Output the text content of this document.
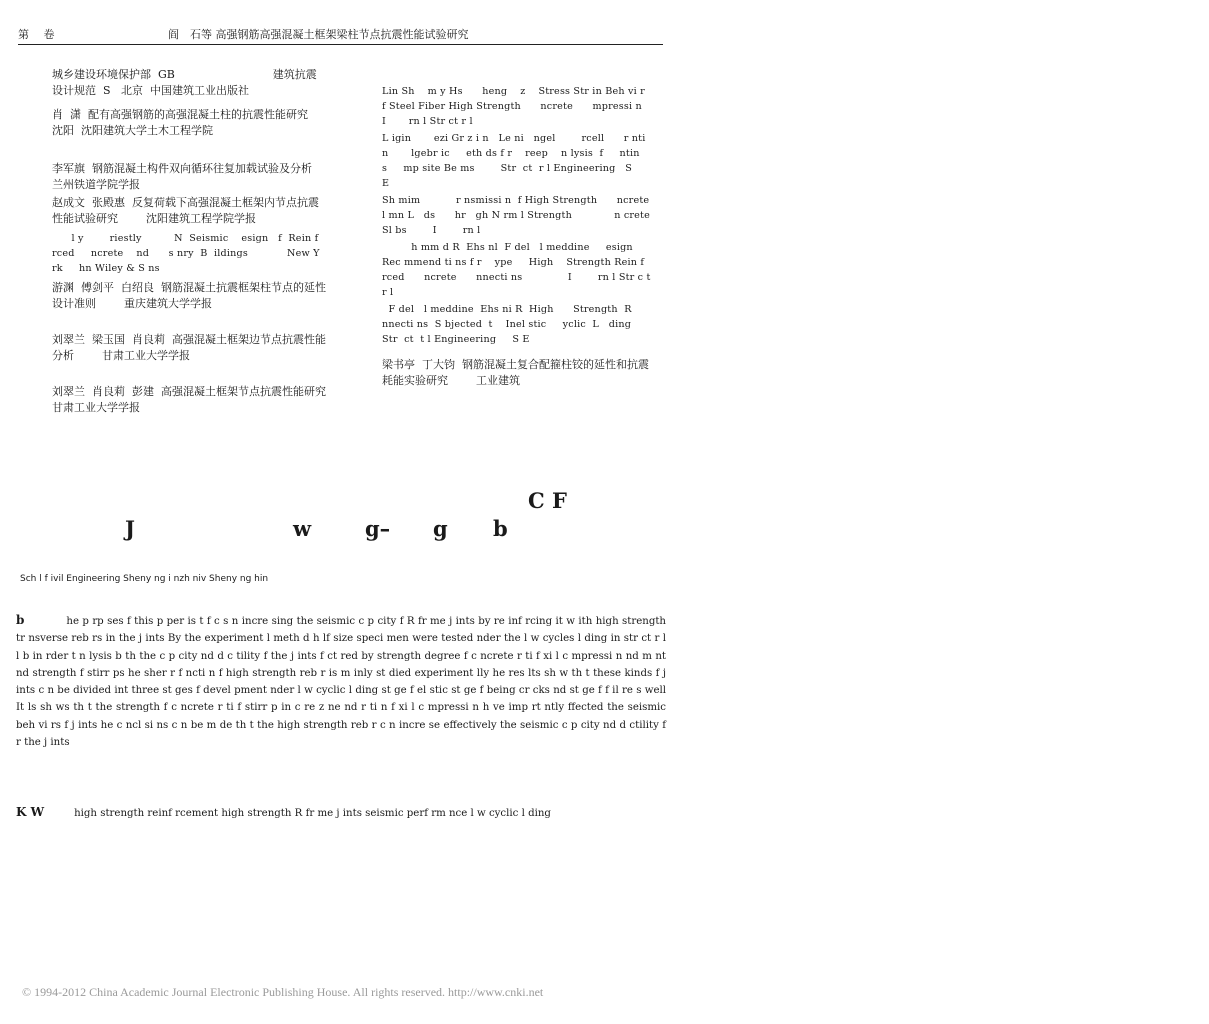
第　 卷	阎　石等 高强钢筋高强混凝土框架梁柱节点抗震性能试验研究
城乡建设环境保护部  GB                            建筑抗震设计规范  S   北京  中国建筑工业出版社
肖  潇  配有高强钢筋的高强混凝土柱的抗震性能研究          沈阳  沈阳建筑大学土木工程学院
李军旗  钢筋混凝土构件双向循环往复加载试验及分析        兰州铁道学院学报
赵成文  张殿惠  反复荷载下高强混凝土框架内节点抗震性能试验研究        沈阳建筑工程学院学报
l y        riestly          N  Seismic    esign   f  Rein f rced     ncrete    nd      s nry  B  ildings            New Y rk     hn Wiley & S ns
游渊  傅剑平  白绍良  钢筋混凝土抗震框架柱节点的延性设计准则        重庆建筑大学学报
刘翠兰  梁玉国  肖良莉  高强混凝土框架边节点抗震性能分析        甘肃工业大学学报
刘翠兰  肖良莉  彭建  高强混凝土框架节点抗震性能研究        甘肃工业大学学报
Lin Sh    m y Hs      heng    z    Stress Str in Beh vi r   f Steel Fiber High Strength      ncrete      mpressi n              I       rn l Str ct r l
L igin       ezi Gr z i n   Le ni   ngel        rcell      r nti n       lgebr ic     eth ds f r    reep    n lysis  f     ntin       s     mp site Be ms        Str  ct  r l Engineering   S      E
Sh mim           r nsmissi n  f High Strength      ncrete       l mn L   ds      hr   gh N rm l Strength             n crete Sl bs        I        rn l
h mm d R  Ehs nl  F del   l meddine     esign Rec mmend ti ns f r    ype     High    Strength Rein f rced      ncrete      nnecti ns              I        rn l Str c t r l
F del   l meddine  Ehs ni R  High      Strength  R     nnecti ns  S bjected  t    Inel stic     yclic  L   ding          Str  ct  t l Engineering     S E
梁书亭  丁大钧  钢筋混凝土复合配箍柱铰的延性和抗震耗能实验研究        工业建筑
C F
J	w	g– g b
Sch l f ivil Engineering Sheny ng i nzh niv Sheny ng hin
b	he p rp ses f this p per is t f c s n incre sing the seismic c p city f R fr me j ints by re inf rcing it w ith high strength tr nsverse reb rs in the j ints By the experiment l meth d h lf size speci men were tested nder the l w cycles l ding in str ct r l l b in rder t n lysis b th the c p city nd d c tility f the j ints f ct red by strength degree f c ncrete r ti f xi l c mpressi n nd m nt nd strength f stirr ps he sher r f ncti n f high strength reb r is m inly st died experiment lly he res lts sh w th t these kinds f j ints c n be divided int three st ges f devel pment nder l w cyclic l ding st ge f el stic st ge f being cr cks nd st ge f f il re s well It ls sh ws th t the strength f c ncrete r ti f stirr p in c re z ne nd r ti n f xi l c mpressi n h ve imp rt ntly ffected the seismic beh vi rs f j ints he c ncl si ns c n be m de th t the high strength reb r c n incre se effectively the seismic c p city nd d ctility f r the j ints
K W	high strength reinf rcement high strength R fr me j ints seismic perf rm nce l w cyclic l ding
© 1994-2012 China Academic Journal Electronic Publishing House. All rights reserved. http://www.cnki.net
